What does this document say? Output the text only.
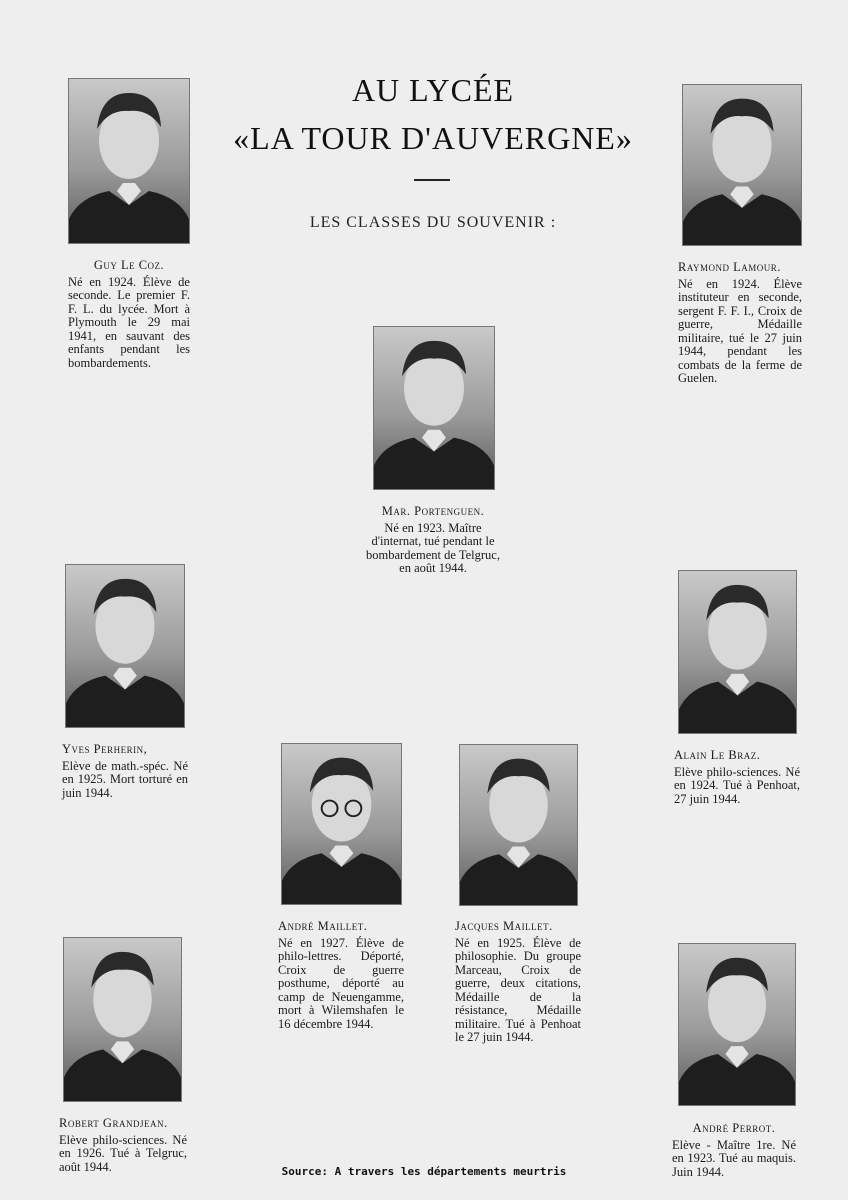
AU LYCÉE
«LA TOUR D'AUVERGNE»
LES CLASSES DU SOUVENIR :
Guy Le Coz.
Né en 1924. Élève de seconde. Le premier F. F. L. du lycée. Mort à Plymouth le 29 mai 1941, en sauvant des enfants pendant les bombardements.
Raymond Lamour.
Né en 1924. Élève instituteur en seconde, sergent F. F. I., Croix de guerre, Médaille militaire, tué le 27 juin 1944, pendant les combats de la ferme de Guelen.
Mar. Portenguen.
Né en 1923. Maître d'internat, tué pendant le bombardement de Telgruc, en août 1944.
Yves Perherin,
Elève de math.-spéc. Né en 1925. Mort torturé en juin 1944.
Alain Le Braz.
Elève philo-sciences. Né en 1924. Tué à Penhoat, 27 juin 1944.
André Maillet.
Né en 1927. Élève de philo-lettres. Déporté, Croix de guerre posthume, déporté au camp de Neuengamme, mort à Wilemshafen le 16 décembre 1944.
Jacques Maillet.
Né en 1925. Élève de philosophie. Du groupe Marceau, Croix de guerre, deux citations, Médaille de la résistance, Médaille militaire. Tué à Penhoat le 27 juin 1944.
Robert Grandjean.
Elève philo-sciences. Né en 1926. Tué à Telgruc, août 1944.
André Perrot.
Elève - Maître 1re. Né en 1923. Tué au maquis. Juin 1944.
Source: A travers les départements meurtris
